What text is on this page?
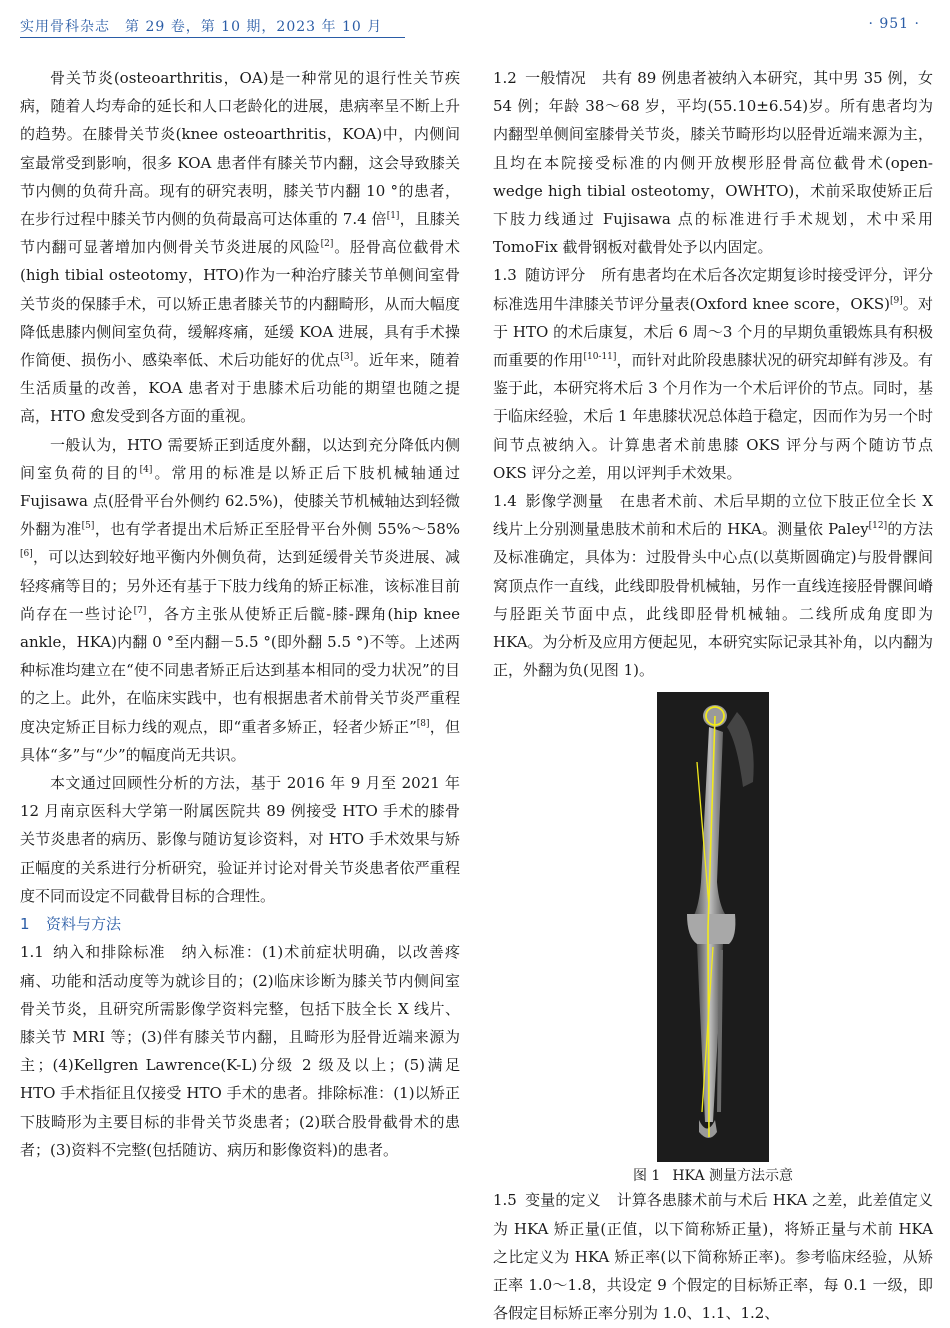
实用骨科杂志　第 29 卷，第 10 期，2023 年 10 月	· 951 ·

骨关节炎(osteoarthritis，OA)是一种常见的退行性关节疾病，随着人均寿命的延长和人口老龄化的进展，患病率呈不断上升的趋势。在膝骨关节炎(knee osteoarthritis，KOA)中，内侧间室最常受到影响，很多 KOA 患者伴有膝关节内翻，这会导致膝关节内侧的负荷升高。现有的研究表明，膝关节内翻 10 °的患者，在步行过程中膝关节内侧的负荷最高可达体重的 7.4 倍[1]，且膝关节内翻可显著增加内侧骨关节炎进展的风险[2]。胫骨高位截骨术(high tibial osteotomy，HTO)作为一种治疗膝关节单侧间室骨关节炎的保膝手术，可以矫正患者膝关节的内翻畸形，从而大幅度降低患膝内侧间室负荷，缓解疼痛，延缓 KOA 进展，具有手术操作简便、损伤小、感染率低、术后功能好的优点[3]。近年来，随着生活质量的改善，KOA 患者对于患膝术后功能的期望也随之提高，HTO 愈发受到各方面的重视。

一般认为，HTO 需要矫正到适度外翻，以达到充分降低内侧间室负荷的目的[4]。常用的标准是以矫正后下肢机械轴通过 Fujisawa 点(胫骨平台外侧约 62.5%)，使膝关节机械轴达到轻微外翻为准[5]，也有学者提出术后矫正至胫骨平台外侧 55%～58%[6]，可以达到较好地平衡内外侧负荷，达到延缓骨关节炎进展、减轻疼痛等目的；另外还有基于下肢力线角的矫正标准，该标准目前尚存在一些讨论[7]，各方主张从使矫正后髋-膝-踝角(hip knee ankle，HKA)内翻 0 °至内翻－5.5 °(即外翻 5.5 °)不等。上述两种标准均建立在“使不同患者矫正后达到基本相同的受力状况”的目的之上。此外，在临床实践中，也有根据患者术前骨关节炎严重程度决定矫正目标力线的观点，即“重者多矫正，轻者少矫正”[8]，但具体“多”与“少”的幅度尚无共识。

本文通过回顾性分析的方法，基于 2016 年 9 月至 2021 年 12 月南京医科大学第一附属医院共 89 例接受 HTO 手术的膝骨关节炎患者的病历、影像与随访复诊资料，对 HTO 手术效果与矫正幅度的关系进行分析研究，验证并讨论对骨关节炎患者依严重程度不同而设定不同截骨目标的合理性。

1 资料与方法

1.1 纳入和排除标准 纳入标准：(1)术前症状明确，以改善疼痛、功能和活动度等为就诊目的；(2)临床诊断为膝关节内侧间室骨关节炎，且研究所需影像学资料完整，包括下肢全长 X 线片、膝关节 MRI 等；(3)伴有膝关节内翻，且畸形为胫骨近端来源为主；(4)Kellgren Lawrence(K-L)分级 2 级及以上；(5)满足 HTO 手术指征且仅接受 HTO 手术的患者。排除标准：(1)以矫正下肢畸形为主要目标的非骨关节炎患者；(2)联合股骨截骨术的患者；(3)资料不完整(包括随访、病历和影像资料)的患者。

1.2 一般情况 共有 89 例患者被纳入本研究，其中男 35 例，女 54 例；年龄 38～68 岁，平均(55.10±6.54)岁。所有患者均为内翻型单侧间室膝骨关节炎，膝关节畸形均以胫骨近端来源为主，且均在本院接受标准的内侧开放楔形胫骨高位截骨术(open-wedge high tibial osteotomy，OWHTO)，术前采取使矫正后下肢力线通过 Fujisawa 点的标准进行手术规划，术中采用 TomoFix 截骨钢板对截骨处予以内固定。

1.3 随访评分 所有患者均在术后各次定期复诊时接受评分，评分标准选用牛津膝关节评分量表(Oxford knee score，OKS)[9]。对于 HTO 的术后康复，术后 6 周～3 个月的早期负重锻炼具有积极而重要的作用[10-11]，而针对此阶段患膝状况的研究却鲜有涉及。有鉴于此，本研究将术后 3 个月作为一个术后评价的节点。同时，基于临床经验，术后 1 年患膝状况总体趋于稳定，因而作为另一个时间节点被纳入。计算患者术前患膝 OKS 评分与两个随访节点 OKS 评分之差，用以评判手术效果。

1.4 影像学测量 在患者术前、术后早期的立位下肢正位全长 X 线片上分别测量患肢术前和术后的 HKA。测量依 Paley[12]的方法及标准确定，具体为：过股骨头中心点(以莫斯圆确定)与股骨髁间窝顶点作一直线，此线即股骨机械轴，另作一直线连接胫骨髁间嵴与胫距关节面中点，此线即胫骨机械轴。二线所成角度即为 HKA。为分析及应用方便起见，本研究实际记录其补角，以内翻为正，外翻为负(见图 1)。

图 1 HKA 测量方法示意

1.5 变量的定义 计算各患膝术前与术后 HKA 之差，此差值定义为 HKA 矫正量(正值，以下简称矫正量)，将矫正量与术前 HKA 之比定义为 HKA 矫正率(以下简称矫正率)。参考临床经验，从矫正率 1.0～1.8，共设定 9 个假定的目标矫正率，每 0.1 一级，即各假定目标矫正率分别为 1.0、1.1、1.2、
